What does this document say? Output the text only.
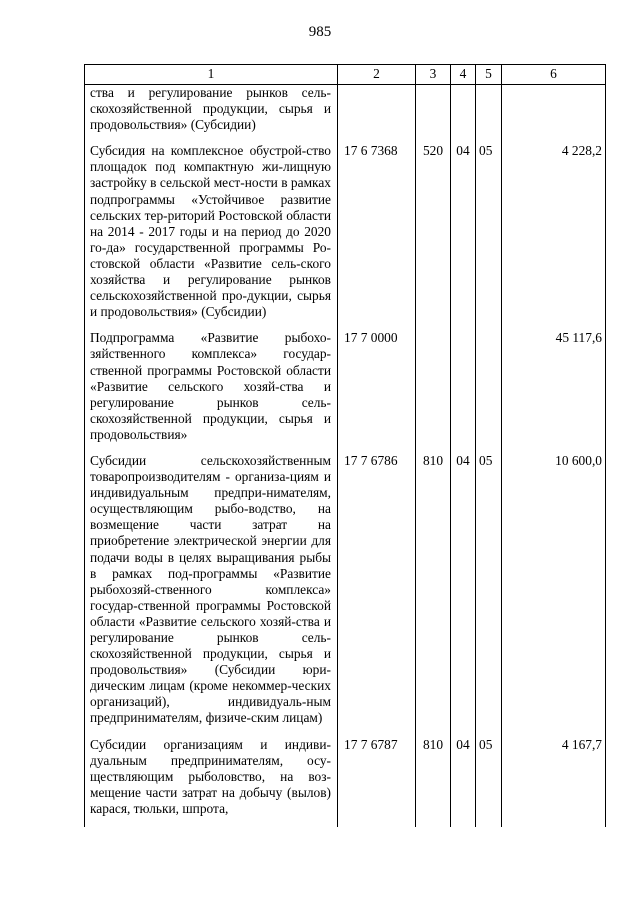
985
1	2	3	4	5	6
ства и регулирование рынков сель-скохозяйственной продукции, сырья и продовольствия» (Субсидии)					
Субсидия на комплексное обустрой-ство площадок под компактную жи-лищную застройку в сельской мест-ности в рамках подпрограммы «Устойчивое развитие сельских тер-риторий Ростовской области на 2014 - 2017 годы и на период до 2020 го-да» государственной программы Ро-стовской области «Развитие сель-ского хозяйства и регулирование рынков сельскохозяйственной про-дукции, сырья и продовольствия» (Субсидии)	17 6 7368	520	04	05	4 228,2
Подпрограмма «Развитие рыбохо-зяйственного комплекса» государ-ственной программы Ростовской области «Развитие сельского хозяй-ства и регулирование рынков сель-скохозяйственной продукции, сырья и продовольствия»	17 7 0000				45 117,6
Субсидии сельскохозяйственным товаропроизводителям - организа-циям и индивидуальным предпри-нимателям, осуществляющим рыбо-водство, на возмещение части затрат на приобретение электрической энергии для подачи воды в целях выращивания рыбы в рамках под-программы «Развитие рыбохозяй-ственного комплекса» государ-ственной программы Ростовской области «Развитие сельского хозяй-ства и регулирование рынков сель-скохозяйственной продукции, сырья и продовольствия» (Субсидии юри-дическим лицам (кроме некоммер-ческих организаций), индивидуаль-ным предпринимателям, физиче-ским лицам)	17 7 6786	810	04	05	10 600,0
Субсидии организациям и индиви-дуальным предпринимателям, осу-ществляющим рыболовство, на воз-мещение части затрат на добычу (вылов) карася, тюльки, шпрота,	17 7 6787	810	04	05	4 167,7
